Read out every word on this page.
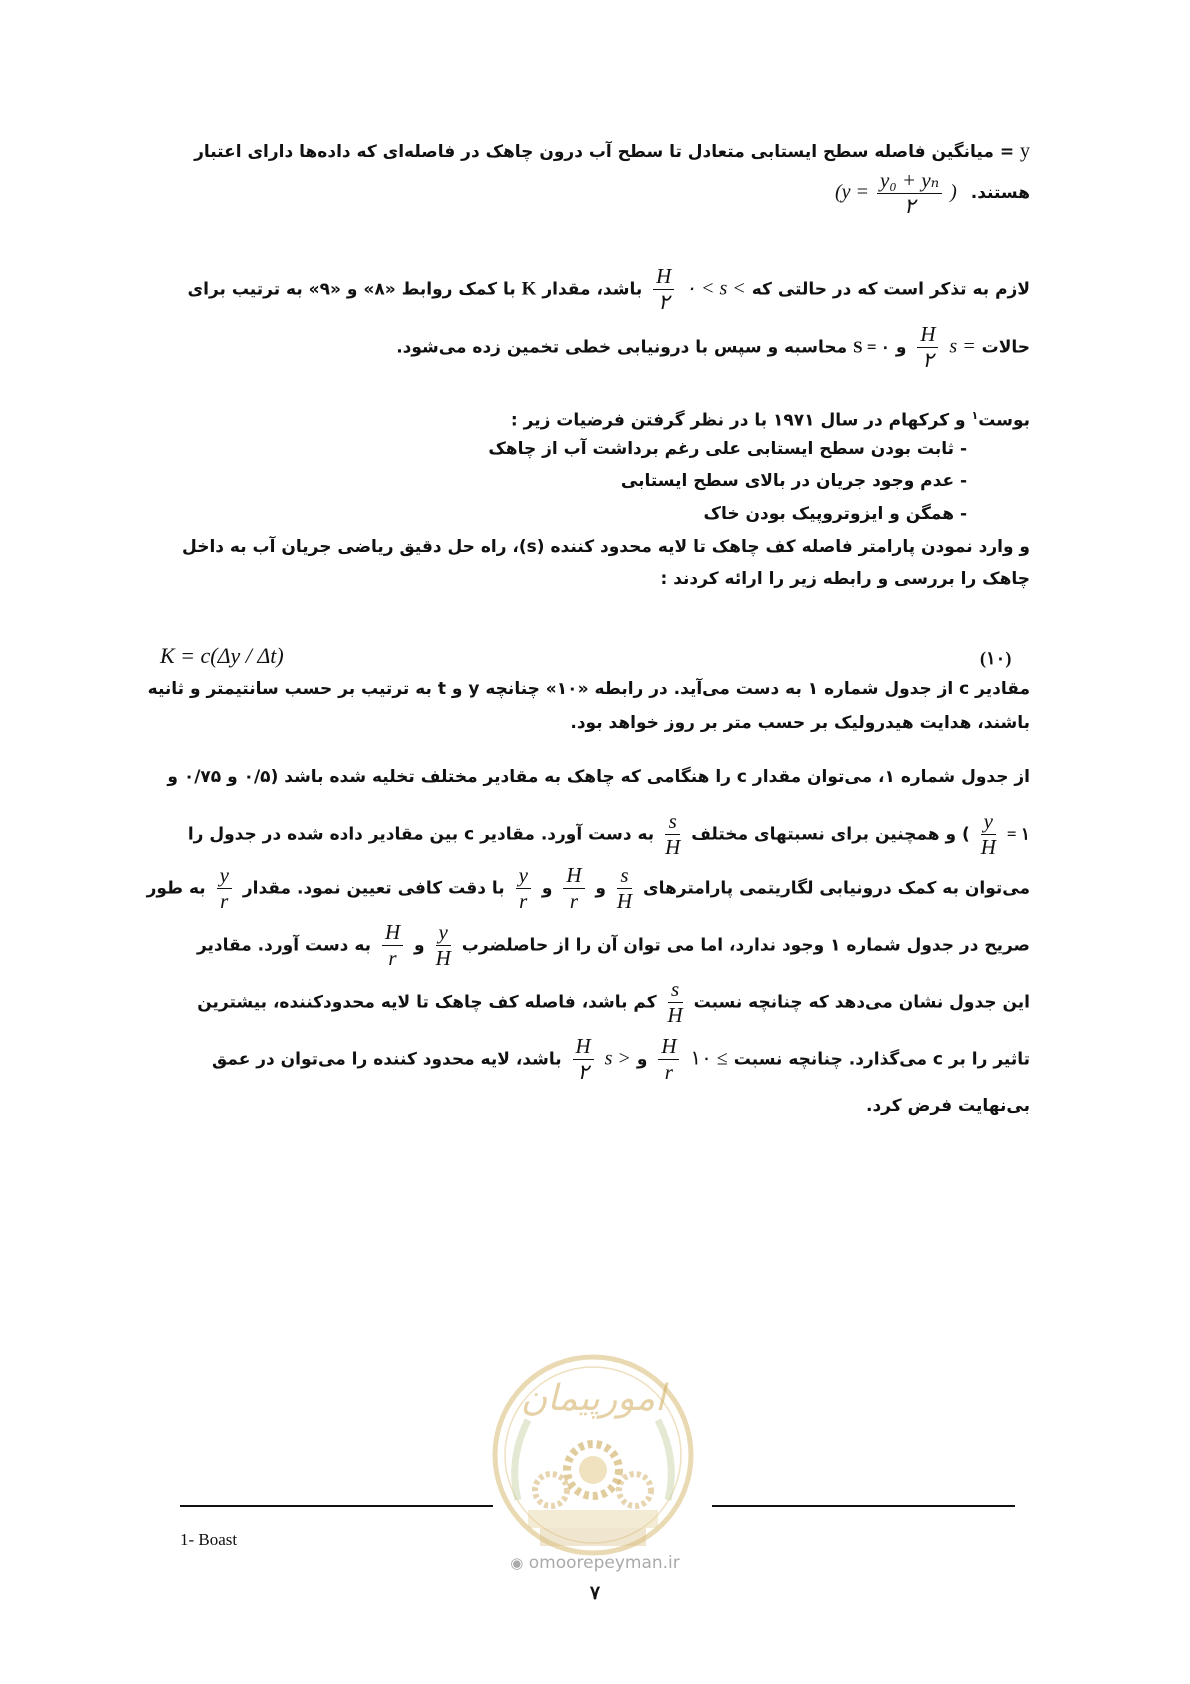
y = میانگین فاصله سطح ایستابی متعادل تا سطح آب درون چاهک در فاصله‌ای که داده‌ها دارای اعتبار
هستند. (y =
y₀ + yₙ
۲
)
لازم به تذکر است که در حالتی که ۰ < s <
H
۲
باشد، مقدار K با کمک روابط «۸» و «۹» به ترتیب برای
حالات s =
H
۲
و S = ۰ محاسبه و سپس با درونیابی خطی تخمین زده می‌شود.
بوست$^۱$ و کرکهام در سال ۱۹۷۱ با در نظر گرفتن فرضیات زیر :
- ثابت بودن سطح ایستابی علی رغم برداشت آب از چاهک
- عدم وجود جریان در بالای سطح ایستابی
- همگن و ایزوتروپیک بودن خاک
و وارد نمودن پارامتر فاصله کف چاهک تا لایه محدود کننده (s)، راه حل دقیق ریاضی جریان آب به داخل
چاهک را بررسی و رابطه زیر را ارائه کردند :
K = c(Δy / Δt)	(۱۰)
مقادیر c از جدول شماره ۱ به دست می‌آید. در رابطه «۱۰» چنانچه y و t به ترتیب بر حسب سانتیمتر و ثانیه
باشند، هدایت هیدرولیک بر حسب متر بر روز خواهد بود.
از جدول شماره ۱، می‌توان مقدار c را هنگامی که چاهک به مقادیر مختلف تخلیه شده باشد (۰/۵ و ۰/۷۵ و
۱ =
$\frac{y}{H}$
) و همچنین برای نسبتهای مختلف
$\frac{s}{H}$
به دست آورد. مقادیر c بین مقادیر داده شده در جدول را
می‌توان به کمک درونیابی لگاریتمی پارامترهای
$\frac{s}{H}$
و
$\frac{H}{r}$
و
$\frac{y}{r}$
با دقت کافی تعیین نمود. مقدار
$\frac{y}{r}$
به طور
صریح در جدول شماره ۱ وجود ندارد، اما می توان آن را از حاصلضرب
$\frac{y}{H}$
و
$\frac{H}{r}$
به دست آورد. مقادیر
این جدول نشان می‌دهد که چنانچه نسبت
$\frac{s}{H}$
کم باشد، فاصله کف چاهک تا لایه محدودکننده، بیشترین
تاثیر را بر c می‌گذارد. چنانچه نسبت ۱۰ ≤
$\frac{H}{r}$
و s >
H
۲
باشد، لایه محدود کننده را می‌توان در عمق
بی‌نهایت فرض کرد.
امورپیمان
1- Boast
◉ omoorepeyman.ir
۷
